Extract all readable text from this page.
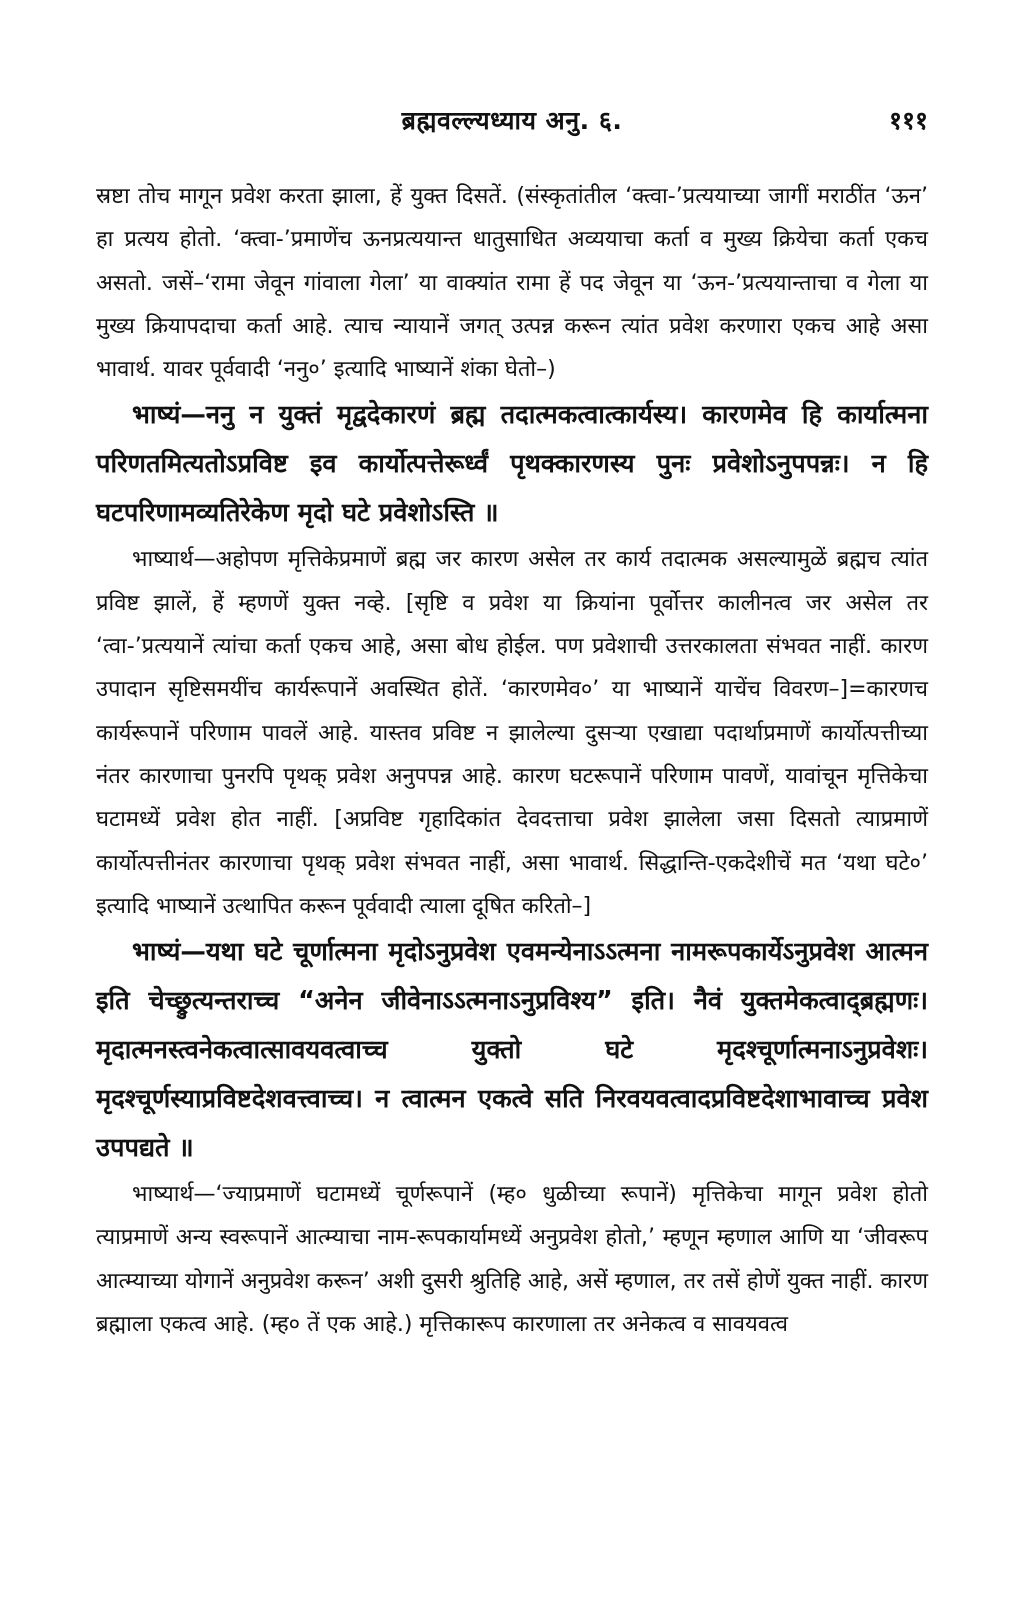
ब्रह्मवल्ल्यध्याय अनु. ६.	१११

स्रष्टा तोच मागून प्रवेश करता झाला, हें युक्त दिसतें. (संस्कृतांतील ‘क्त्वा-’प्रत्ययाच्या जागीं मराठींत ‘ऊन’ हा प्रत्यय होतो. ‘क्त्वा-’प्रमाणेंच ऊनप्रत्ययान्त धातुसाधित अव्ययाचा कर्ता व मुख्य क्रियेचा कर्ता एकच असतो. जसें–‘रामा जेवून गांवाला गेला’ या वाक्यांत रामा हें पद जेवून या ‘ऊन-’प्रत्ययान्ताचा व गेला या मुख्य क्रियापदाचा कर्ता आहे. त्याच न्यायानें जगत् उत्पन्न करून त्यांत प्रवेश करणारा एकच आहे असा भावार्थ. यावर पूर्ववादी ‘ननु०’ इत्यादि भाष्यानें शंका घेतो–)

भाष्यं—ननु न युक्तं मृद्वदेकारणं ब्रह्म तदात्मकत्वात्कार्यस्य। कारणमेव हि कार्यात्मना परिणतमित्यतोऽप्रविष्ट इव कार्योत्पत्तेरूर्ध्वं पृथक्कारणस्य पुनः प्रवेशोऽनुपपन्नः। न हि घटपरिणामव्यतिरेकेण मृदो घटे प्रवेशोऽस्ति ॥

भाष्यार्थ—अहोपण मृत्तिकेप्रमाणें ब्रह्म जर कारण असेल तर कार्य तदात्मक असल्यामुळें ब्रह्मच त्यांत प्रविष्ट झालें, हें म्हणणें युक्त नव्हे. [सृष्टि व प्रवेश या क्रियांना पूर्वोत्तर कालीनत्व जर असेल तर ‘त्वा-’प्रत्ययानें त्यांचा कर्ता एकच आहे, असा बोध होईल. पण प्रवेशाची उत्तरकालता संभवत नाहीं. कारण उपादान सृष्टिसमयींच कार्यरूपानें अवस्थित होतें. ‘कारणमेव०’ या भाष्यानें याचेंच विवरण–]=कारणच कार्यरूपानें परिणाम पावलें आहे. यास्तव प्रविष्ट न झालेल्या दुसऱ्या एखाद्या पदार्थाप्रमाणें कार्योत्पत्तीच्या नंतर कारणाचा पुनरपि पृथक् प्रवेश अनुपपन्न आहे. कारण घटरूपानें परिणाम पावणें, यावांचून मृत्तिकेचा घटामध्यें प्रवेश होत नाहीं. [अप्रविष्ट गृहादिकांत देवदत्ताचा प्रवेश झालेला जसा दिसतो त्याप्रमाणें कार्योत्पत्तीनंतर कारणाचा पृथक् प्रवेश संभवत नाहीं, असा भावार्थ. सिद्धान्ति-एकदेशीचें मत ‘यथा घटे०’ इत्यादि भाष्यानें उत्थापित करून पूर्ववादी त्याला दूषित करितो–]

भाष्यं—यथा घटे चूर्णात्मना मृदोऽनुप्रवेश एवमन्येनाऽऽत्मना नामरूपकार्येऽनुप्रवेश आत्मन इति चेच्छ्रुत्यन्तराच्च “अनेन जीवेनाऽऽत्मनाऽनुप्रविश्य” इति। नैवं युक्तमेकत्वाद्ब्रह्मणः। मृदात्मनस्त्वनेकत्वात्सावयवत्वाच्च युक्तो घटे मृदश्चूर्णात्मनाऽनुप्रवेशः। मृदश्चूर्णस्याप्रविष्टदेशवत्त्वाच्च। न त्वात्मन एकत्वे सति निरवयवत्वादप्रविष्टदेशाभावाच्च प्रवेश उपपद्यते ॥

भाष्यार्थ—‘ज्याप्रमाणें घटामध्यें चूर्णरूपानें (म्ह० धुळीच्या रूपानें) मृत्तिकेचा मागून प्रवेश होतो त्याप्रमाणें अन्य स्वरूपानें आत्म्याचा नाम-रूपकार्यामध्यें अनुप्रवेश होतो,’ म्हणून म्हणाल आणि या ‘जीवरूप आत्म्याच्या योगानें अनुप्रवेश करून’ अशी दुसरी श्रुतिहि आहे, असें म्हणाल, तर तसें होणें युक्त नाहीं. कारण ब्रह्माला एकत्व आहे. (म्ह० तें एक आहे.) मृत्तिकारूप कारणाला तर अनेकत्व व सावयवत्व
